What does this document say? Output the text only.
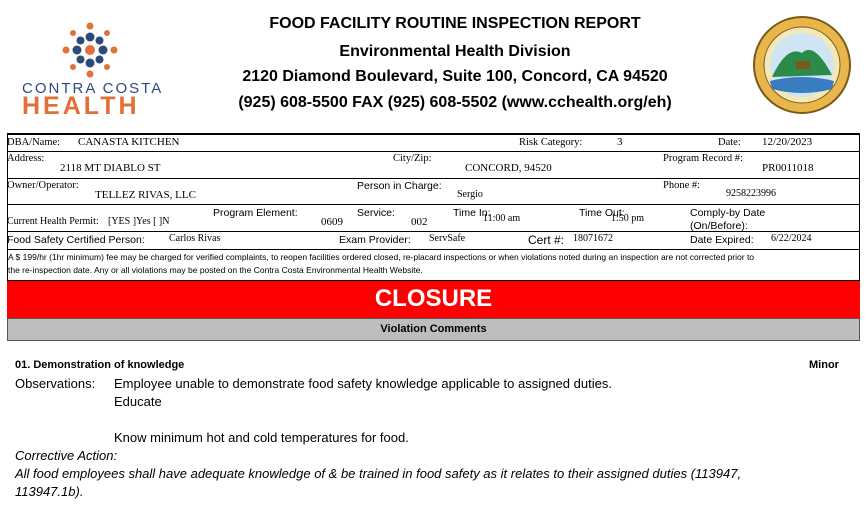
CONTRA COSTA
HEALTH
FOOD FACILITY ROUTINE INSPECTION REPORT
Environmental Health Division
2120 Diamond Boulevard, Suite 100, Concord, CA 94520
(925) 608-5500 FAX (925) 608-5502 (www.cchealth.org/eh)
DBA/Name: CANASTA KITCHEN	Risk Category:	3	Date: 12/20/2023
Address:
2118 MT DIABLO ST
City/Zip:
CONCORD, 94520
Program Record #:
PR0011018
Owner/Operator:
TELLEZ RIVAS, LLC
Person in Charge:
Sergio
Phone #:
9258223996
Current Health Permit: [YES ]Yes [ ]N
Program Element:
0609
Service:
002
Time In:
11:00 am	Time Out:
1:50 pm	Comply-by Date (On/Before):
Food Safety Certified Person: Carlos Rivas	Exam Provider: ServSafe	Cert #: 18071672	Date Expired: 6/22/2024
A $ 199/hr (1hr minimum) fee may be charged for verified complaints, to reopen facilities ordered closed, re-placard inspections or when violations noted during an inspection are not corrected prior to the re-inspection date. Any or all violations may be posted on the Contra Costa Environmental Health Website.
CLOSURE
Violation Comments
01. Demonstration of knowledge	Minor
Observations: Employee unable to demonstrate food safety knowledge applicable to assigned duties.
Educate
Know minimum hot and cold temperatures for food.
Corrective Action:
All food employees shall have adequate knowledge of & be trained in food safety as it relates to their assigned duties (113947,
113947.1b).
